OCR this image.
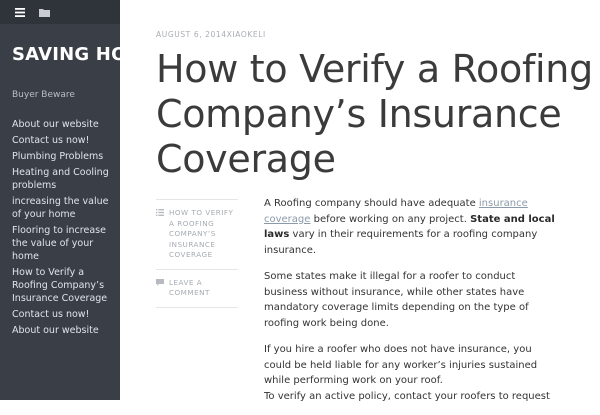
SAVING HOMEOWN
Buyer Beware
About our website
Contact us now!
Plumbing Problems
Heating and Cooling problems
increasing the value of your home
Flooring to increase the value of your home
How to Verify a Roofing Company’s Insurance Coverage
Contact us now!
About our website
AUGUST 6, 2014XIAOKELI
How to Verify a Roofing Company’s Insurance Coverage
HOW TO VERIFY A ROOFING COMPANY’S INSURANCE COVERAGE
LEAVE A COMMENT

A Roofing company should have adequate insurance coverage before working on any project. State and local laws vary in their requirements for a roofing company insurance.

Some states make it illegal for a roofer to conduct business without insurance, while other states have mandatory coverage limits depending on the type of roofing work being done.

If you hire a roofer who does not have insurance, you could be held liable for any worker’s injuries sustained while performing work on your roof.

To verify an active policy, contact your roofers to request
